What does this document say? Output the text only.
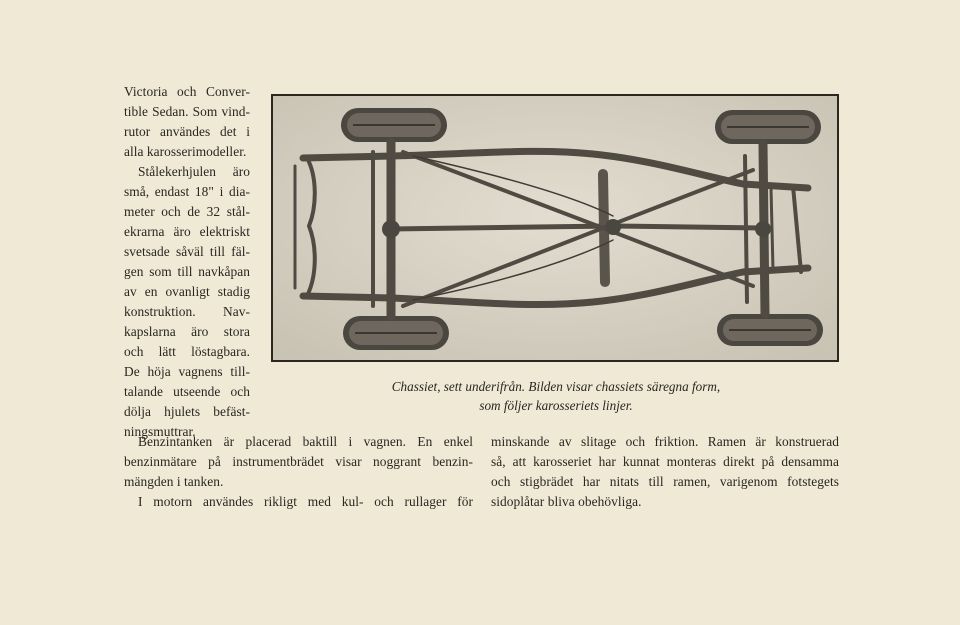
Victoria och Conver-

tible Sedan. Som vind-

rutor användes det i

alla karosserimodeller.

Stålekerhjulen äro

små, endast 18" i dia-

meter och de 32 stål-

ekrarna äro elektriskt

svetsade såväl till fäl-

gen som till navkåpan

av en ovanligt stadig

konstruktion. Nav-

kapslarna äro stora

och lätt löstagbara.

De höja vagnens till-

talande utseende och

dölja hjulets befäst-

ningsmuttrar.

Chassiet, sett underifrån. Bilden visar chassiets säregna form,
som följer karosseriets linjer.

Benzintanken är placerad baktill i vagnen. En enkel

benzinmätare på instrumentbrädet visar noggrant benzin-

mängden i tanken.

I motorn användes rikligt med kul- och rullager för

minskande av slitage och friktion. Ramen är konstruerad

så, att karosseriet har kunnat monteras direkt på densamma

och stigbrädet har nitats till ramen, varigenom fotstegets

sidoplåtar bliva obehövliga.
